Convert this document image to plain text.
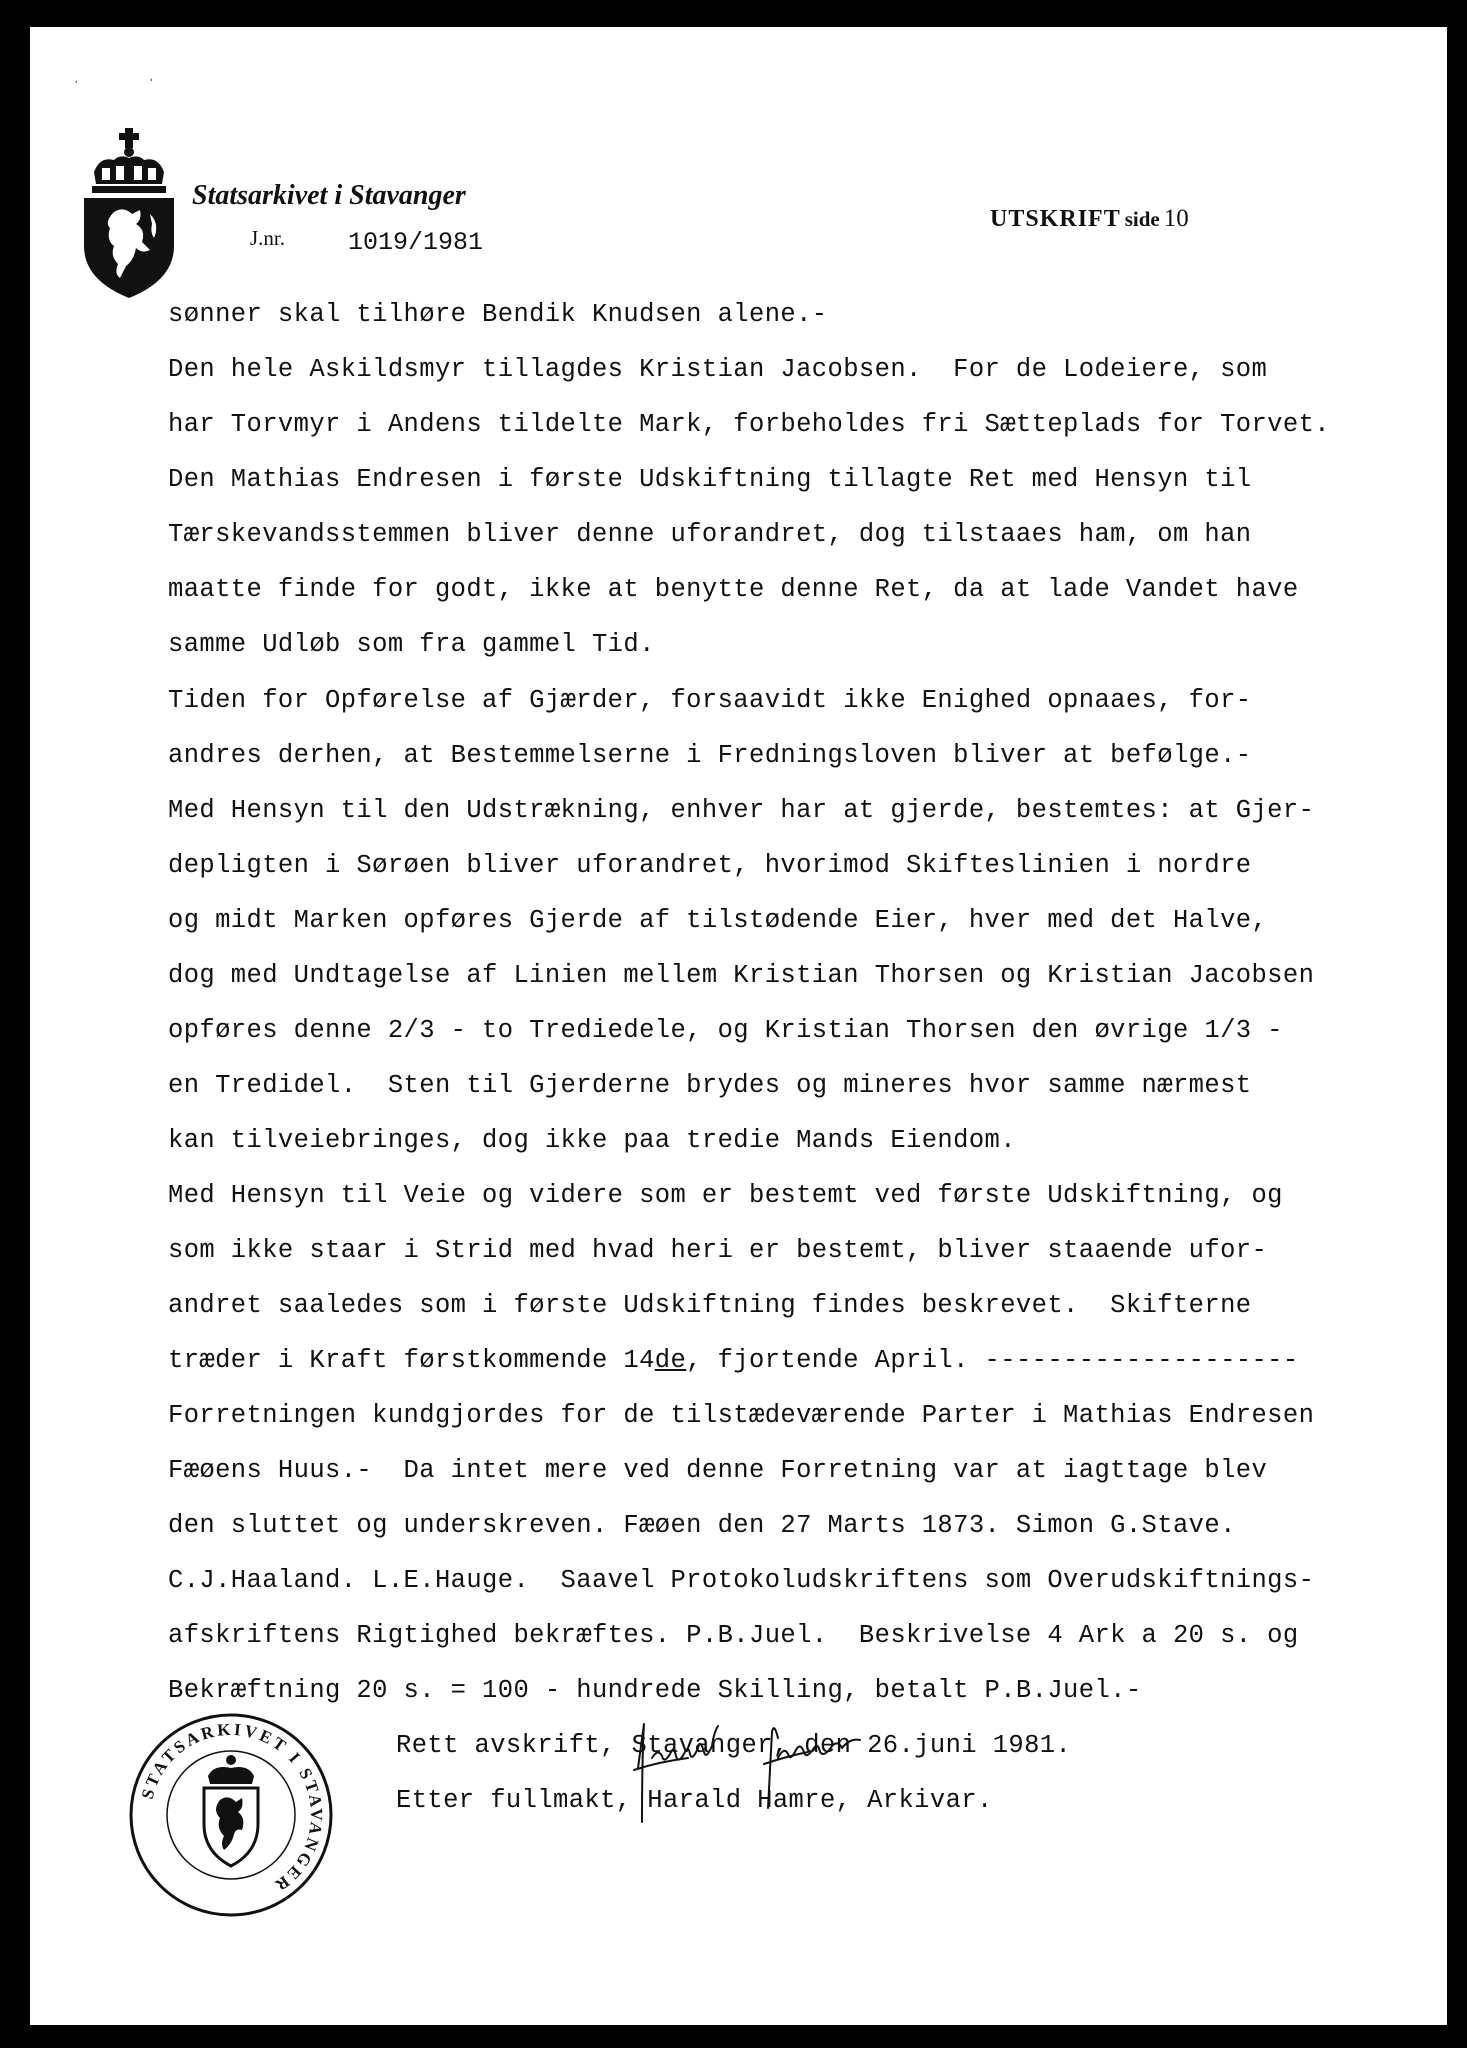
ˈ	ˈ
Statsarkivet i Stavanger
J.nr.	1019/1981
UTSKRIFT side 10
sønner skal tilhøre Bendik Knudsen alene.-
Den hele Askildsmyr tillagdes Kristian Jacobsen.  For de Lodeiere, som
har Torvmyr i Andens tildelte Mark, forbeholdes fri Sætteplads for Torvet.
Den Mathias Endresen i første Udskiftning tillagte Ret med Hensyn til
Tærskevandsstemmen bliver denne uforandret, dog tilstaaes ham, om han
maatte finde for godt, ikke at benytte denne Ret, da at lade Vandet have
samme Udløb som fra gammel Tid.
Tiden for Opførelse af Gjærder, forsaavidt ikke Enighed opnaaes, for-
andres derhen, at Bestemmelserne i Fredningsloven bliver at befølge.-
Med Hensyn til den Udstrækning, enhver har at gjerde, bestemtes: at Gjer-
depligten i Sørøen bliver uforandret, hvorimod Skifteslinien i nordre
og midt Marken opføres Gjerde af tilstødende Eier, hver med det Halve,
dog med Undtagelse af Linien mellem Kristian Thorsen og Kristian Jacobsen
opføres denne 2/3 - to Trediedele, og Kristian Thorsen den øvrige 1/3 -
en Tredidel.  Sten til Gjerderne brydes og mineres hvor samme nærmest
kan tilveiebringes, dog ikke paa tredie Mands Eiendom.
Med Hensyn til Veie og videre som er bestemt ved første Udskiftning, og
som ikke staar i Strid med hvad heri er bestemt, bliver staaende ufor-
andret saaledes som i første Udskiftning findes beskrevet.  Skifterne
træder i Kraft førstkommende 14de, fjortende April. --------------------
Forretningen kundgjordes for de tilstædeværende Parter i Mathias Endresen
Fæøens Huus.-  Da intet mere ved denne Forretning var at iagttage blev
den sluttet og underskreven. Fæøen den 27 Marts 1873. Simon G.Stave.
C.J.Haaland. L.E.Hauge.  Saavel Protokoludskriftens som Overudskiftnings-
afskriftens Rigtighed bekræftes. P.B.Juel.  Beskrivelse 4 Ark a 20 s. og
Bekræftning 20 s. = 100 - hundrede Skilling, betalt P.B.Juel.-
Rett avskrift, Stavanger, den 26.juni 1981.
Etter fullmakt, Harald Hamre, Arkivar.
STATSARKIVET I STAVANGER
